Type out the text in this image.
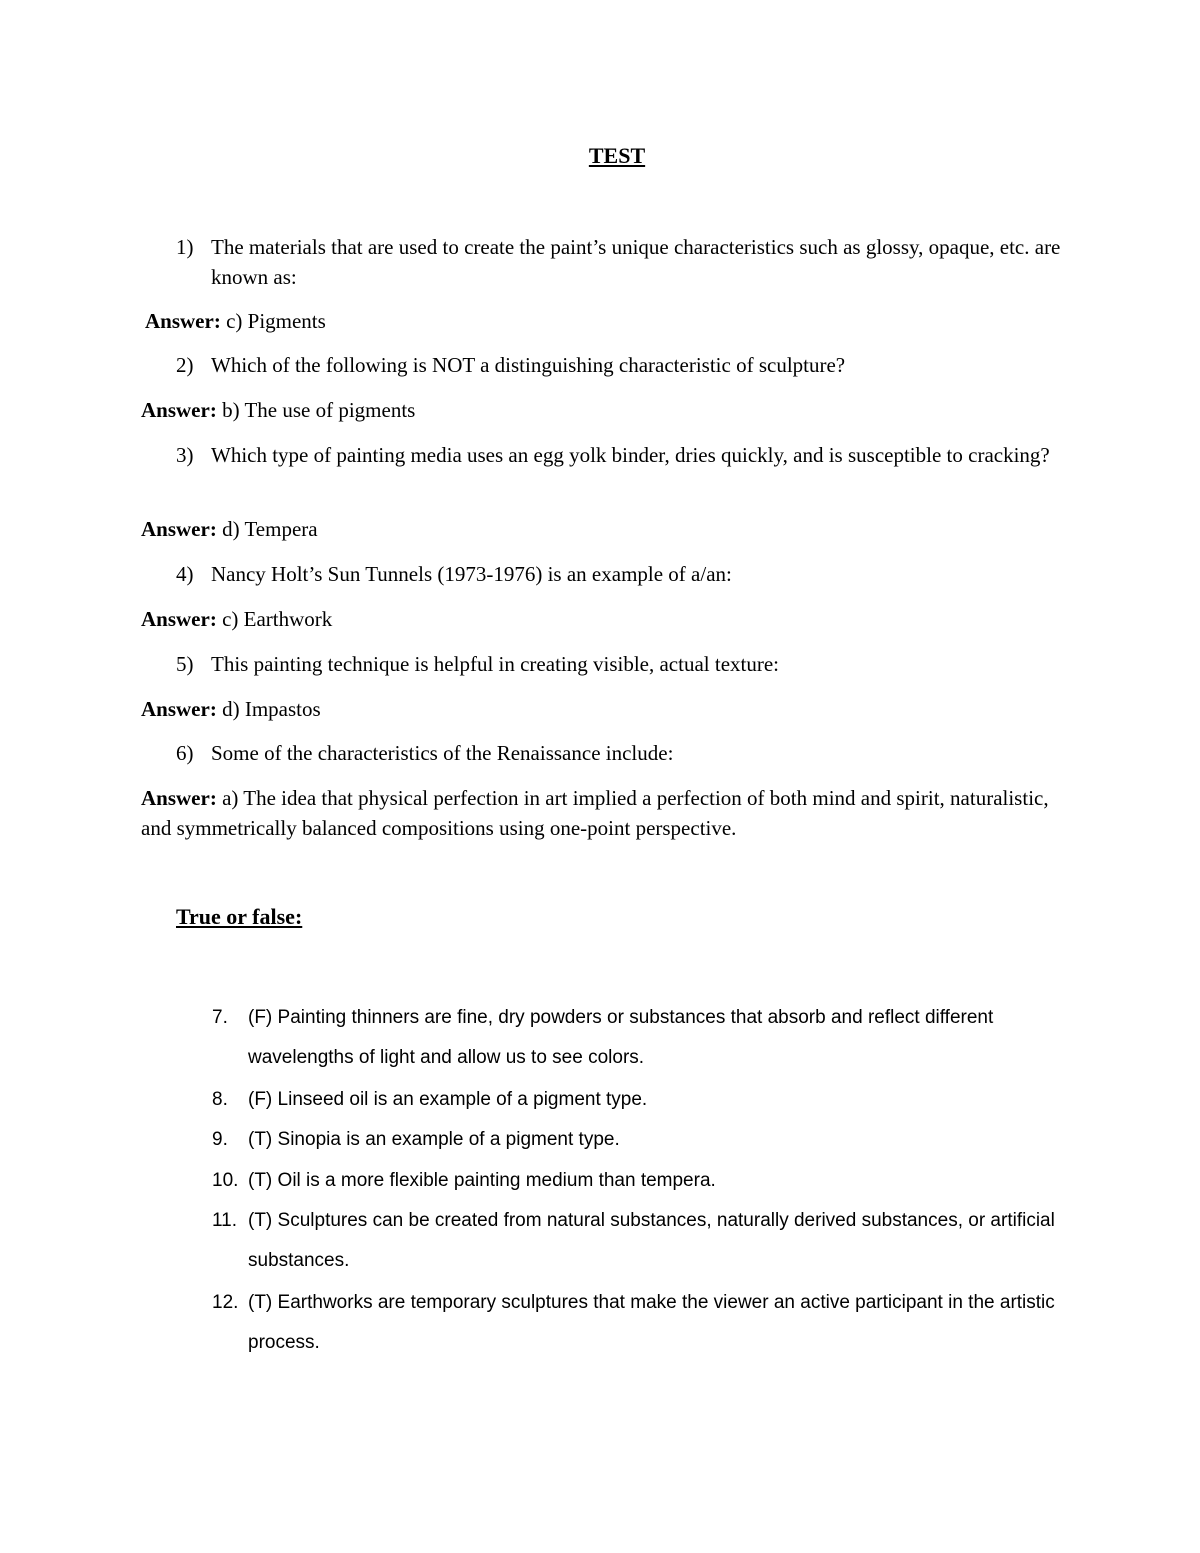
TEST
1) The materials that are used to create the paint’s unique characteristics such as glossy, opaque, etc. are known as:
Answer: c) Pigments
2) Which of the following is NOT a distinguishing characteristic of sculpture?
Answer: b) The use of pigments
3) Which type of painting media uses an egg yolk binder, dries quickly, and is susceptible to cracking?
Answer: d) Tempera
4) Nancy Holt’s Sun Tunnels (1973-1976) is an example of a/an:
Answer: c) Earthwork
5) This painting technique is helpful in creating visible, actual texture:
Answer: d) Impastos
6) Some of the characteristics of the Renaissance include:
Answer: a) The idea that physical perfection in art implied a perfection of both mind and spirit, naturalistic, and symmetrically balanced compositions using one-point perspective.
True or false:
7.	(F) Painting thinners are fine, dry powders or substances that absorb and reflect different wavelengths of light and allow us to see colors.
8.	(F) Linseed oil is an example of a pigment type.
9.	(T) Sinopia is an example of a pigment type.
10. (T) Oil is a more flexible painting medium than tempera.
11. (T) Sculptures can be created from natural substances, naturally derived substances, or artificial substances.
12. (T) Earthworks are temporary sculptures that make the viewer an active participant in the artistic process.
